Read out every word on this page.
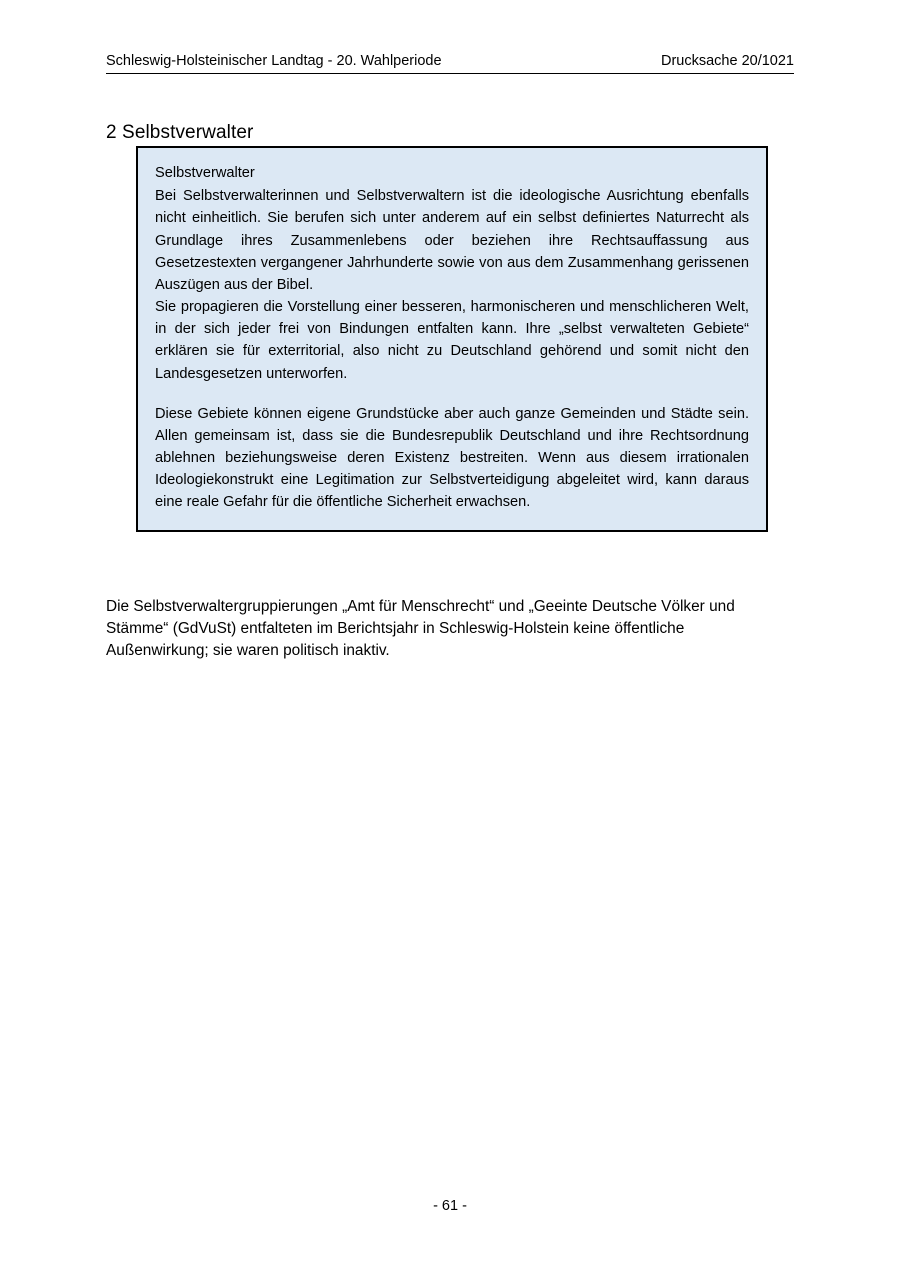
Schleswig-Holsteinischer Landtag - 20. Wahlperiode	Drucksache 20/1021
2 Selbstverwalter
Selbstverwalter

Bei Selbstverwalterinnen und Selbstverwaltern ist die ideologische Ausrichtung ebenfalls nicht einheitlich. Sie berufen sich unter anderem auf ein selbst definiertes Naturrecht als Grundlage ihres Zusammenlebens oder beziehen ihre Rechtsauffassung aus Gesetzestexten vergangener Jahrhunderte sowie von aus dem Zusammenhang gerissenen Auszügen aus der Bibel.

Sie propagieren die Vorstellung einer besseren, harmonischeren und menschlicheren Welt, in der sich jeder frei von Bindungen entfalten kann. Ihre „selbst verwalteten Gebiete“ erklären sie für exterritorial, also nicht zu Deutschland gehörend und somit nicht den Landesgesetzen unterworfen.

Diese Gebiete können eigene Grundstücke aber auch ganze Gemeinden und Städte sein. Allen gemeinsam ist, dass sie die Bundesrepublik Deutschland und ihre Rechtsordnung ablehnen beziehungsweise deren Existenz bestreiten. Wenn aus diesem irrationalen Ideologiekonstrukt eine Legitimation zur Selbstverteidigung abgeleitet wird, kann daraus eine reale Gefahr für die öffentliche Sicherheit erwachsen.

Die Selbstverwaltergruppierungen „Amt für Menschrecht“ und „Geeinte Deutsche Völker und Stämme“ (GdVuSt) entfalteten im Berichtsjahr in Schleswig-Holstein keine öffentliche Außenwirkung; sie waren politisch inaktiv.
- 61 -
